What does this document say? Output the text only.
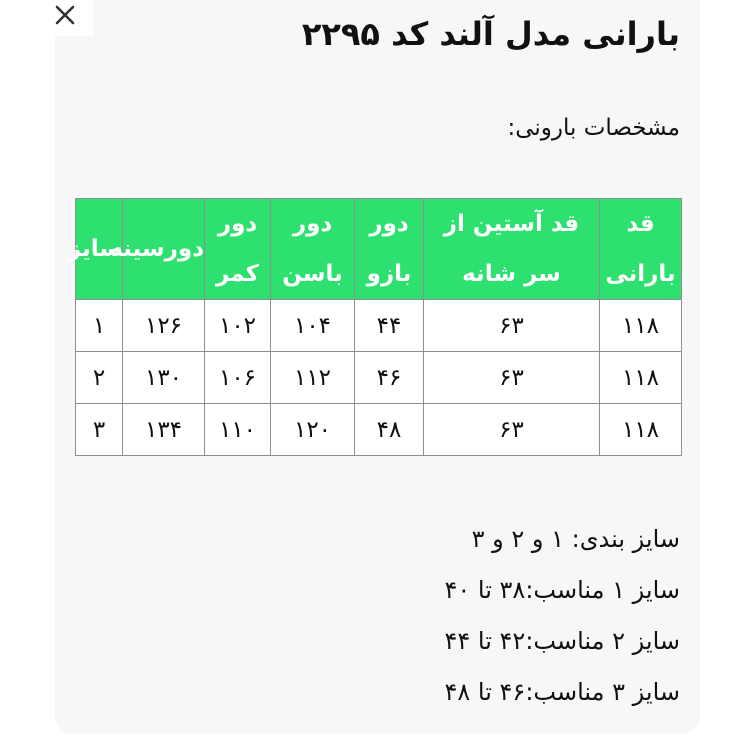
بارانی مدل آلند کد ۲۲۹۵
مشخصات بارونی:
قد بارانی	قد آستین از سر شانه	دور بازو	دور باسن	دور کمر	دورسینه	سایز
۱۱۸	۶۳	۴۴	۱۰۴	۱۰۲	۱۲۶	۱
۱۱۸	۶۳	۴۶	۱۱۲	۱۰۶	۱۳۰	۲
۱۱۸	۶۳	۴۸	۱۲۰	۱۱۰	۱۳۴	۳
سایز بندی: ۱ و ۲ و ۳
سایز ۱ مناسب:۳۸ تا ۴۰
سایز ۲ مناسب:۴۲ تا ۴۴
سایز ۳ مناسب:۴۶ تا ۴۸
